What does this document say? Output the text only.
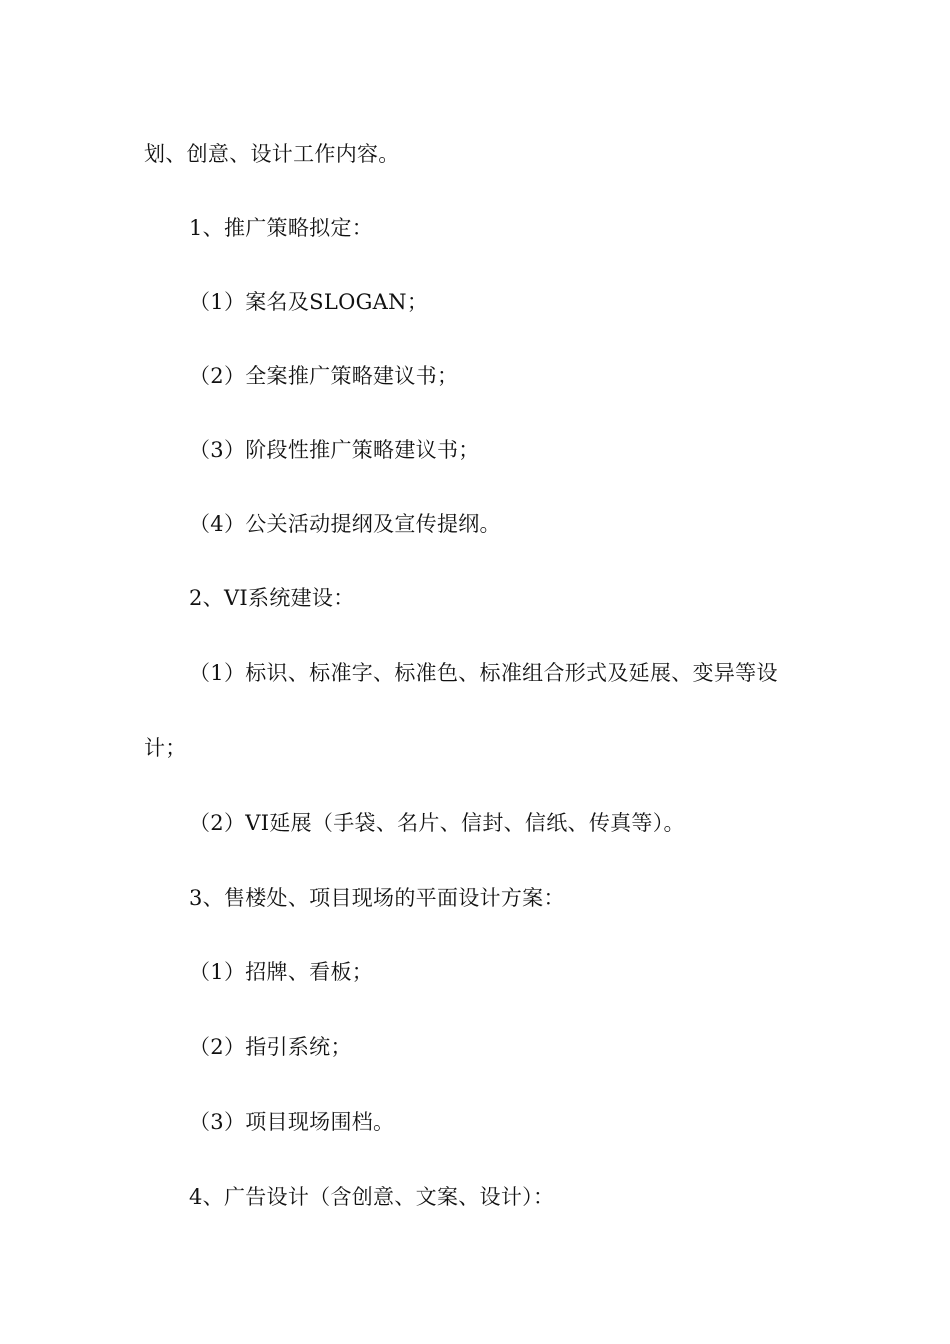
划、创意、设计工作内容。
1、推广策略拟定：
（1）案名及SLOGAN；
（2）全案推广策略建议书；
（3）阶段性推广策略建议书；
（4）公关活动提纲及宣传提纲。
2、VI系统建设：
（1）标识、标准字、标准色、标准组合形式及延展、变异等设
计；
（2）VI延展（手袋、名片、信封、信纸、传真等）。
3、售楼处、项目现场的平面设计方案：
（1）招牌、看板；
（2）指引系统；
（3）项目现场围档。
4、广告设计（含创意、文案、设计）：
